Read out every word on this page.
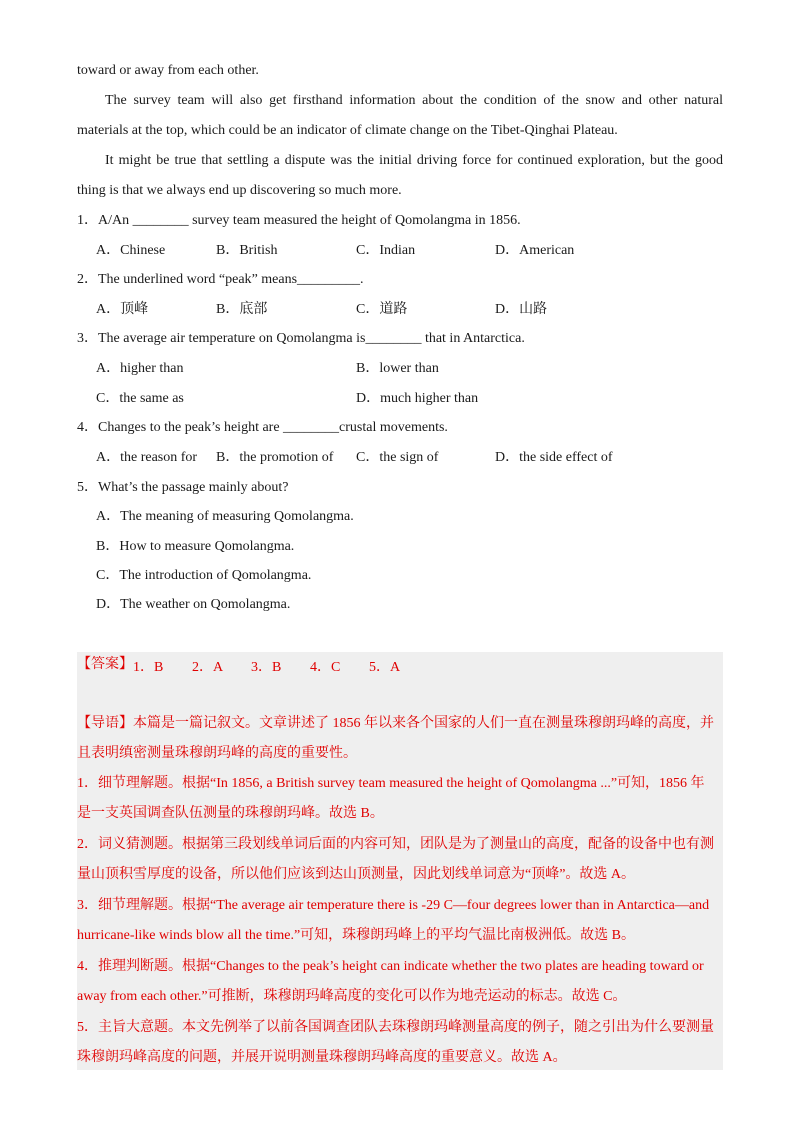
toward or away from each other.
The survey team will also get firsthand information about the condition of the snow and other natural
materials at the top, which could be an indicator of climate change on the Tibet-Qinghai Plateau.
It might be true that settling a dispute was the initial driving force for continued exploration, but the good
thing is that we always end up discovering so much more.
1．A/An ________ survey team measured the height of Qomolangma in 1856.
A．Chinese	B．British	C．Indian	D．American
2．The underlined word “peak” means_________.
A．顶峰	B．底部	C．道路	D．山路
3．The average air temperature on Qomolangma is________ that in Antarctica.
A．higher than	B．lower than
C．the same as	D．much higher than
4．Changes to the peak’s height are ________crustal movements.
A．the reason for B．the promotion of C．the sign of	D．the side effect of
5．What’s the passage mainly about?
A．The meaning of measuring Qomolangma.
B．How to measure Qomolangma.
C．The introduction of Qomolangma.
D．The weather on Qomolangma.
【答案】 1．B 2．A 3．B 4．C 5．A
【导语】本篇是一篇记叙文。文章讲述了 1856 年以来各个国家的人们一直在测量珠穆朗玛峰的高度，并
且表明缜密测量珠穆朗玛峰的高度的重要性。
1．细节理解题。根据“In 1856, a British survey team measured the height of Qomolangma ...”可知，1856 年
是一支英国调查队伍测量的珠穆朗玛峰。故选 B。
2．词义猜测题。根据第三段划线单词后面的内容可知，团队是为了测量山的高度，配备的设备中也有测
量山顶积雪厚度的设备，所以他们应该到达山顶测量，因此划线单词意为“顶峰”。故选 A。
3．细节理解题。根据“The average air temperature there is -29 C—four degrees lower than in Antarctica—and
hurricane-like winds blow all the time.”可知，珠穆朗玛峰上的平均气温比南极洲低。故选 B。
4．推理判断题。根据“Changes to the peak’s height can indicate whether the two plates are heading toward or
away from each other.”可推断，珠穆朗玛峰高度的变化可以作为地壳运动的标志。故选 C。
5．主旨大意题。本文先例举了以前各国调查团队去珠穆朗玛峰测量高度的例子，随之引出为什么要测量
珠穆朗玛峰高度的问题，并展开说明测量珠穆朗玛峰高度的重要意义。故选 A。
